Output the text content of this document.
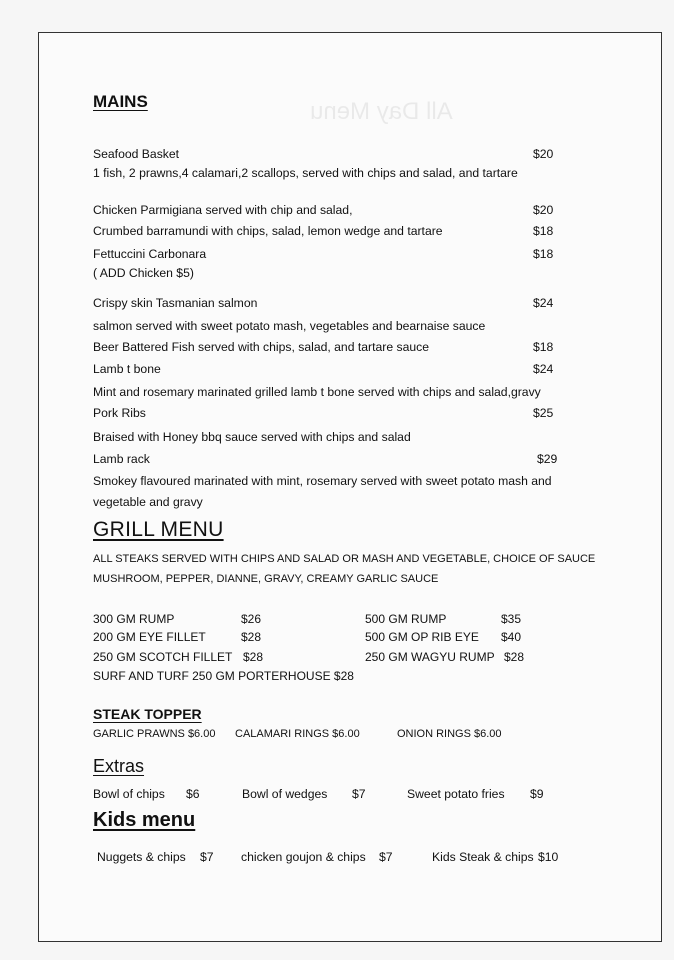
All Day Menu
MAINS
Seafood Basket	$20
1 fish, 2 prawns,4 calamari,2 scallops, served with chips and salad, and tartare
Chicken Parmigiana served with chip and salad,	$20
Crumbed barramundi with chips, salad, lemon wedge and tartare	$18
Fettuccini Carbonara	$18
( ADD Chicken $5)
Crispy skin Tasmanian salmon	$24
salmon served with sweet potato mash, vegetables and bearnaise sauce
Beer Battered Fish served with chips, salad, and tartare sauce	$18
Lamb t bone	$24
Mint and rosemary marinated grilled lamb t bone served with chips and salad,gravy
Pork Ribs	$25
Braised with Honey bbq sauce served with chips and salad
Lamb rack	$29
Smokey flavoured marinated with mint, rosemary served with sweet potato mash and
vegetable and gravy
GRILL MENU
ALL STEAKS SERVED WITH CHIPS AND SALAD OR MASH AND VEGETABLE, CHOICE OF SAUCE
MUSHROOM, PEPPER, DIANNE, GRAVY, CREAMY GARLIC SAUCE
300 GM RUMP	$26	500 GM RUMP	$35
200 GM EYE FILLET	$28	500 GM OP RIB EYE $40
250 GM SCOTCH FILLET $28	250 GM WAGYU RUMP $28
SURF AND TURF 250 GM PORTERHOUSE $28
STEAK TOPPER
GARLIC PRAWNS $6.00 CALAMARI RINGS $6.00	ONION RINGS $6.00
Extras
Bowl of chips $6	Bowl of wedges $7	Sweet potato fries $9
Kids menu
Nuggets & chips $7 chicken goujon & chips $7	Kids Steak & chips $10
